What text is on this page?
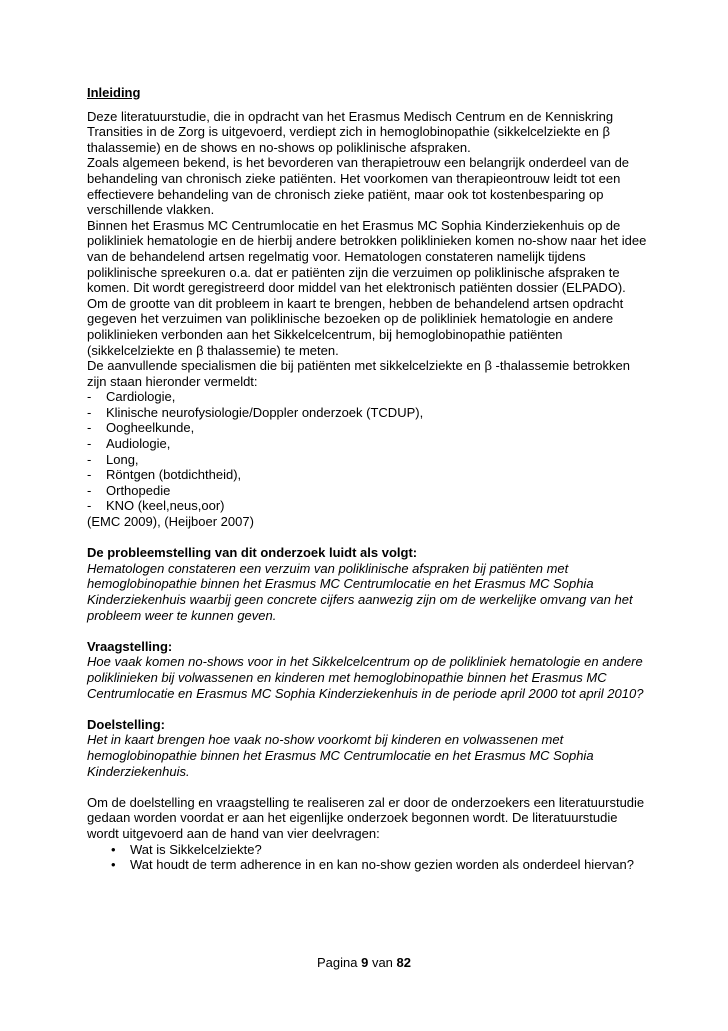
Inleiding

Deze literatuurstudie, die in opdracht van het Erasmus Medisch Centrum en de Kenniskring Transities in de Zorg is uitgevoerd, verdiept zich in hemoglobinopathie (sikkelcelziekte en β thalassemie) en de shows en no-shows op poliklinische afspraken.

Zoals algemeen bekend, is het bevorderen van therapietrouw een belangrijk onderdeel van de behandeling van chronisch zieke patiënten. Het voorkomen van therapieontrouw leidt tot een effectievere behandeling van de chronisch zieke patiënt, maar ook tot kostenbesparing op verschillende vlakken.

Binnen het Erasmus MC Centrumlocatie en het Erasmus MC Sophia Kinderziekenhuis op de polikliniek hematologie en de hierbij andere betrokken poliklinieken komen no-show naar het idee van de behandelend artsen regelmatig voor. Hematologen constateren namelijk tijdens poliklinische spreekuren o.a. dat er patiënten zijn die verzuimen op poliklinische afspraken te komen. Dit wordt geregistreerd door middel van het elektronisch patiënten dossier (ELPADO).

Om de grootte van dit probleem in kaart te brengen, hebben de behandelend artsen opdracht gegeven het verzuimen van poliklinische bezoeken op de polikliniek hematologie en andere poliklinieken verbonden aan het Sikkelcelcentrum, bij hemoglobinopathie patiënten (sikkelcelziekte en β thalassemie) te meten.

De aanvullende specialismen die bij patiënten met sikkelcelziekte en β -thalassemie betrokken zijn staan hieronder vermeldt:

- Cardiologie,
- Klinische neurofysiologie/Doppler onderzoek (TCDUP),
- Oogheelkunde,
- Audiologie,
- Long,
- Röntgen (botdichtheid),
- Orthopedie
- KNO (keel,neus,oor)

(EMC 2009), (Heijboer 2007)

De probleemstelling van dit onderzoek luidt als volgt:

Hematologen constateren een verzuim van poliklinische afspraken bij patiënten met hemoglobinopathie binnen het Erasmus MC Centrumlocatie en het Erasmus MC Sophia Kinderziekenhuis waarbij geen concrete cijfers aanwezig zijn om de werkelijke omvang van het probleem weer te kunnen geven.

Vraagstelling:

Hoe vaak komen no-shows voor in het Sikkelcelcentrum op de polikliniek hematologie en andere poliklinieken bij volwassenen en kinderen met hemoglobinopathie binnen het Erasmus MC Centrumlocatie en Erasmus MC Sophia Kinderziekenhuis in de periode april 2000 tot april 2010?

Doelstelling:

Het in kaart brengen hoe vaak no-show voorkomt bij kinderen en volwassenen met hemoglobinopathie binnen het Erasmus MC Centrumlocatie en het Erasmus MC Sophia Kinderziekenhuis.

Om de doelstelling en vraagstelling te realiseren zal er door de onderzoekers een literatuurstudie gedaan worden voordat er aan het eigenlijke onderzoek begonnen wordt. De literatuurstudie wordt uitgevoerd aan de hand van vier deelvragen:

• Wat is Sikkelcelziekte?
• Wat houdt de term adherence in en kan no-show gezien worden als onderdeel hiervan?
Pagina 9 van 82
